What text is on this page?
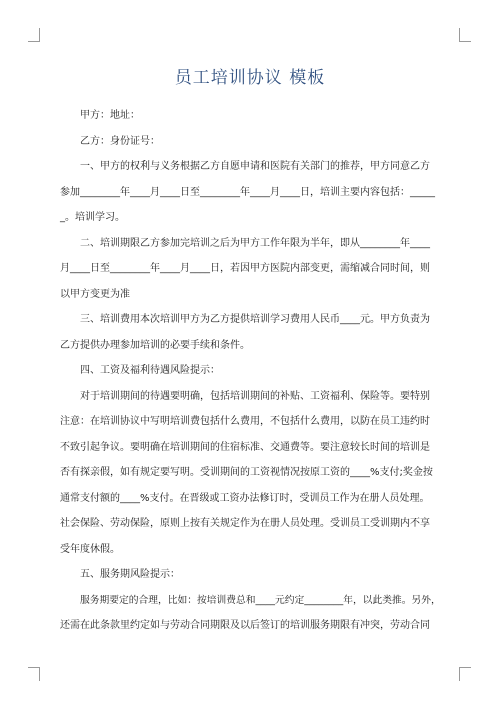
员工培训协议 模板

甲方：地址：

乙方：身份证号：

一、甲方的权利与义务根据乙方自愿申请和医院有关部门的推荐，甲方同意乙方

参加________年____月____日至________年____月____日，培训主要内容包括：_____

_。培训学习。

二、培训期限乙方参加完培训之后为甲方工作年限为半年，即从________年____

月____日至________年____月____日，若因甲方医院内部变更，需缩减合同时间，则

以甲方变更为准

三、培训费用本次培训甲方为乙方提供培训学习费用人民币____元。甲方负责为

乙方提供办理参加培训的必要手续和条件。

四、工资及福利待遇风险提示：

对于培训期间的待遇要明确，包括培训期间的补贴、工资福利、保险等。要特别

注意：在培训协议中写明培训费包括什么费用，不包括什么费用，以防在员工违约时

不致引起争议。要明确在培训期间的住宿标准、交通费等。要注意较长时间的培训是

否有探亲假，如有规定要写明。受训期间的工资视情况按原工资的____%支付;奖金按

通常支付额的____%支付。在晋级或工资办法修订时，受训员工作为在册人员处理。

社会保险、劳动保险，原则上按有关规定作为在册人员处理。受训员工受训期内不享

受年度休假。

五、服务期风险提示：

服务期要定的合理，比如：按培训费总和____元约定________年，以此类推。另外，

还需在此条款里约定如与劳动合同期限及以后签订的培训服务期限有冲突，劳动合同
